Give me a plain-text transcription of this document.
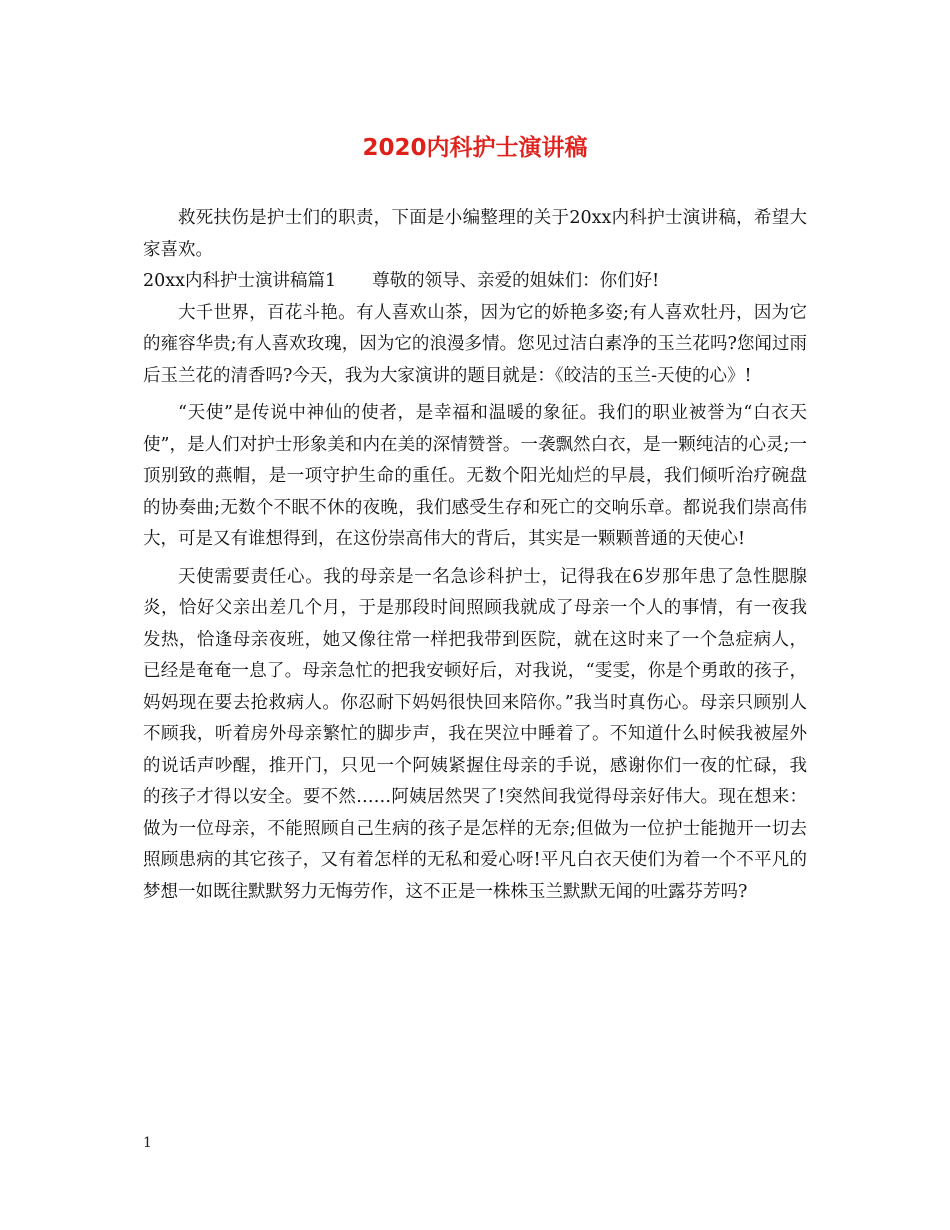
2020内科护士演讲稿

救死扶伤是护士们的职责，下面是小编整理的关于20xx内科护士演讲稿，希望大家喜欢。

20xx内科护士演讲稿篇1 尊敬的领导、亲爱的姐妹们：你们好!

大千世界，百花斗艳。有人喜欢山茶，因为它的娇艳多姿;有人喜欢牡丹，因为它的雍容华贵;有人喜欢玫瑰，因为它的浪漫多情。您见过洁白素净的玉兰花吗?您闻过雨后玉兰花的清香吗?今天，我为大家演讲的题目就是：《皎洁的玉兰-天使的心》!

“天使”是传说中神仙的使者，是幸福和温暖的象征。我们的职业被誉为“白衣天使”，是人们对护士形象美和内在美的深情赞誉。一袭飘然白衣，是一颗纯洁的心灵;一顶别致的燕帽，是一项守护生命的重任。无数个阳光灿烂的早晨，我们倾听治疗碗盘的协奏曲;无数个不眠不休的夜晚，我们感受生存和死亡的交响乐章。都说我们崇高伟大，可是又有谁想得到，在这份崇高伟大的背后，其实是一颗颗普通的天使心!

天使需要责任心。我的母亲是一名急诊科护士，记得我在6岁那年患了急性腮腺炎，恰好父亲出差几个月，于是那段时间照顾我就成了母亲一个人的事情，有一夜我发热，恰逢母亲夜班，她又像往常一样把我带到医院，就在这时来了一个急症病人，已经是奄奄一息了。母亲急忙的把我安顿好后，对我说，“雯雯，你是个勇敢的孩子，妈妈现在要去抢救病人。你忍耐下妈妈很快回来陪你。”我当时真伤心。母亲只顾别人不顾我，听着房外母亲繁忙的脚步声，我在哭泣中睡着了。不知道什么时候我被屋外的说话声吵醒，推开门，只见一个阿姨紧握住母亲的手说，感谢你们一夜的忙碌，我的孩子才得以安全。要不然……阿姨居然哭了!突然间我觉得母亲好伟大。现在想来：做为一位母亲，不能照顾自己生病的孩子是怎样的无奈;但做为一位护士能抛开一切去照顾患病的其它孩子，又有着怎样的无私和爱心呀!平凡白衣天使们为着一个不平凡的梦想一如既往默默努力无悔劳作，这不正是一株株玉兰默默无闻的吐露芬芳吗?

1
